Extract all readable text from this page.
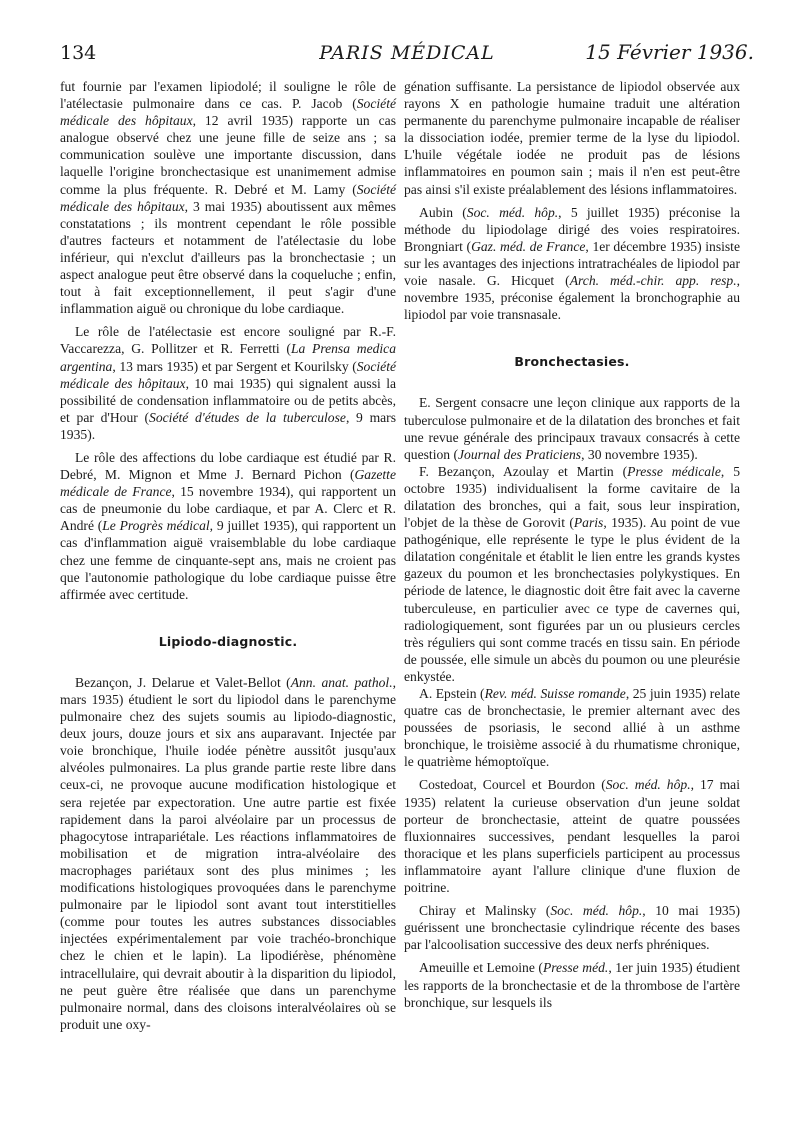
134	PARIS MÉDICAL	15 Février 1936.

fut fournie par l'examen lipiodolé; il souligne le rôle de l'atélectasie pulmonaire dans ce cas. P. Jacob (Société médicale des hôpitaux, 12 avril 1935) rapporte un cas analogue observé chez une jeune fille de seize ans ; sa communication soulève une importante discussion, dans laquelle l'origine bronchectasique est unanimement admise comme la plus fréquente. R. Debré et M. Lamy (Société médicale des hôpitaux, 3 mai 1935) aboutissent aux mêmes constatations ; ils montrent cependant le rôle possible d'autres facteurs et notamment de l'atélectasie du lobe inférieur, qui n'exclut d'ailleurs pas la bronchectasie ; un aspect analogue peut être observé dans la coqueluche ; enfin, tout à fait exceptionnellement, il peut s'agir d'une inflammation aiguë ou chronique du lobe cardiaque.

Le rôle de l'atélectasie est encore souligné par R.-F. Vaccarezza, G. Pollitzer et R. Ferretti (La Prensa medica argentina, 13 mars 1935) et par Sergent et Kourilsky (Société médicale des hôpitaux, 10 mai 1935) qui signalent aussi la possibilité de condensation inflammatoire ou de petits abcès, et par d'Hour (Société d'études de la tuberculose, 9 mars 1935).

Le rôle des affections du lobe cardiaque est étudié par R. Debré, M. Mignon et Mme J. Bernard Pichon (Gazette médicale de France, 15 novembre 1934), qui rapportent un cas de pneumonie du lobe cardiaque, et par A. Clerc et R. André (Le Progrès médical, 9 juillet 1935), qui rapportent un cas d'inflammation aiguë vraisemblable du lobe cardiaque chez une femme de cinquante-sept ans, mais ne croient pas que l'autonomie pathologique du lobe cardiaque puisse être affirmée avec certitude.

Lipiodo-diagnostic.

Bezançon, J. Delarue et Valet-Bellot (Ann. anat. pathol., mars 1935) étudient le sort du lipiodol dans le parenchyme pulmonaire chez des sujets soumis au lipiodo-diagnostic, deux jours, douze jours et six ans auparavant. Injectée par voie bronchique, l'huile iodée pénètre aussitôt jusqu'aux alvéoles pulmonaires. La plus grande partie reste libre dans ceux-ci, ne provoque aucune modification histologique et sera rejetée par expectoration. Une autre partie est fixée rapidement dans la paroi alvéolaire par un processus de phagocytose intrapariétale. Les réactions inflammatoires de mobilisation et de migration intra-alvéolaire des macrophages pariétaux sont des plus minimes ; les modifications histologiques provoquées dans le parenchyme pulmonaire par le lipiodol sont avant tout interstitielles (comme pour toutes les autres substances dissociables injectées expérimentalement par voie trachéo-bronchique chez le chien et le lapin). La lipodiérèse, phénomène intracellulaire, qui devrait aboutir à la disparition du lipiodol, ne peut guère être réalisée que dans un parenchyme pulmonaire normal, dans des cloisons interalvéolaires où se produit une oxy-

génation suffisante. La persistance de lipiodol observée aux rayons X en pathologie humaine traduit une altération permanente du parenchyme pulmonaire incapable de réaliser la dissociation iodée, premier terme de la lyse du lipiodol. L'huile végétale iodée ne produit pas de lésions inflammatoires en poumon sain ; mais il n'en est peut-être pas ainsi s'il existe préalablement des lésions inflammatoires.

Aubin (Soc. méd. hôp., 5 juillet 1935) préconise la méthode du lipiodolage dirigé des voies respiratoires. Brongniart (Gaz. méd. de France, 1er décembre 1935) insiste sur les avantages des injections intratrachéales de lipiodol par voie nasale. G. Hicquet (Arch. méd.-chir. app. resp., novembre 1935, préconise également la bronchographie au lipiodol par voie transnasale.

Bronchectasies.

E. Sergent consacre une leçon clinique aux rapports de la tuberculose pulmonaire et de la dilatation des bronches et fait une revue générale des principaux travaux consacrés à cette question (Journal des Praticiens, 30 novembre 1935).

F. Bezançon, Azoulay et Martin (Presse médicale, 5 octobre 1935) individualisent la forme cavitaire de la dilatation des bronches, qui a fait, sous leur inspiration, l'objet de la thèse de Gorovit (Paris, 1935). Au point de vue pathogénique, elle représente le type le plus évident de la dilatation congénitale et établit le lien entre les grands kystes gazeux du poumon et les bronchectasies polykystiques. En période de latence, le diagnostic doit être fait avec la caverne tuberculeuse, en particulier avec ce type de cavernes qui, radiologiquement, sont figurées par un ou plusieurs cercles très réguliers qui sont comme tracés en tissu sain. En période de poussée, elle simule un abcès du poumon ou une pleurésie enkystée.

A. Epstein (Rev. méd. Suisse romande, 25 juin 1935) relate quatre cas de bronchectasie, le premier alternant avec des poussées de psoriasis, le second allié à un asthme bronchique, le troisième associé à du rhumatisme chronique, le quatrième hémoptoïque.

Costedoat, Courcel et Bourdon (Soc. méd. hôp., 17 mai 1935) relatent la curieuse observation d'un jeune soldat porteur de bronchectasie, atteint de quatre poussées fluxionnaires successives, pendant lesquelles la paroi thoracique et les plans superficiels participent au processus inflammatoire ayant l'allure clinique d'une fluxion de poitrine.

Chiray et Malinsky (Soc. méd. hôp., 10 mai 1935) guérissent une bronchectasie cylindrique récente des bases par l'alcoolisation successive des deux nerfs phréniques.

Ameuille et Lemoine (Presse méd., 1er juin 1935) étudient les rapports de la bronchectasie et de la thrombose de l'artère bronchique, sur lesquels ils
